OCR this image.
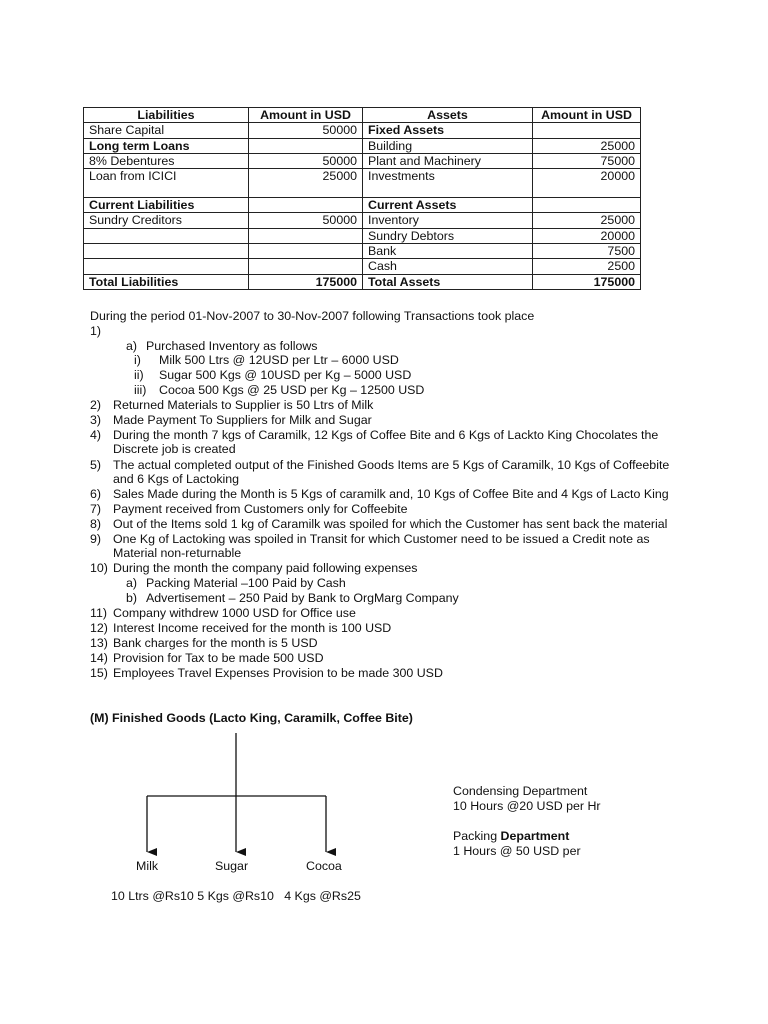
Liabilities	Amount in USD	Assets	Amount in USD
Share Capital	50000	Fixed Assets	
Long term Loans		Building	25000
8% Debentures	50000	Plant and Machinery	75000
Loan from ICICI	25000	Investments	20000
Current Liabilities		Current Assets	
Sundry Creditors	50000	Inventory	25000
		Sundry Debtors	20000
		Bank	7500
		Cash	2500
Total Liabilities	175000	Total Assets	175000
During the period 01-Nov-2007 to 30-Nov-2007 following Transactions took place
1)
a) Purchased Inventory as follows
i) Milk 500 Ltrs @ 12USD per Ltr – 6000 USD
ii) Sugar 500 Kgs @ 10USD per Kg – 5000 USD
iii) Cocoa 500 Kgs @ 25 USD per Kg – 12500 USD
2) Returned Materials to Supplier is 50 Ltrs of Milk
3) Made Payment To Suppliers for Milk and Sugar
4) During the month 7 kgs of Caramilk, 12 Kgs of Coffee Bite and 6 Kgs of Lackto King Chocolates the
Discrete job is created
5) The actual completed output of the Finished Goods Items are 5 Kgs of Caramilk, 10 Kgs of Coffeebite
and 6 Kgs of Lactoking
6) Sales Made during the Month is 5 Kgs of caramilk and, 10 Kgs of Coffee Bite and 4 Kgs of Lacto King
7) Payment received from Customers only for Coffeebite
8) Out of the Items sold 1 kg of Caramilk was spoiled for which the Customer has sent back the material
9) One Kg of Lactoking was spoiled in Transit for which Customer need to be issued a Credit note as
Material non-returnable
10) During the month the company paid following expenses
a) Packing Material –100 Paid by Cash
b) Advertisement – 250 Paid by Bank to OrgMarg Company
11) Company withdrew 1000 USD for Office use
12) Interest Income received for the month is 100 USD
13) Bank charges for the month is 5 USD
14) Provision for Tax to be made 500 USD
15) Employees Travel Expenses Provision to be made 300 USD
(M) Finished Goods (Lacto King, Caramilk, Coffee Bite)
Milk	Sugar	Cocoa
10 Ltrs @Rs10 5 Kgs @Rs10   4 Kgs @Rs25
Condensing Department
10 Hours @20 USD per Hr
Packing Department
1 Hours @ 50 USD per
